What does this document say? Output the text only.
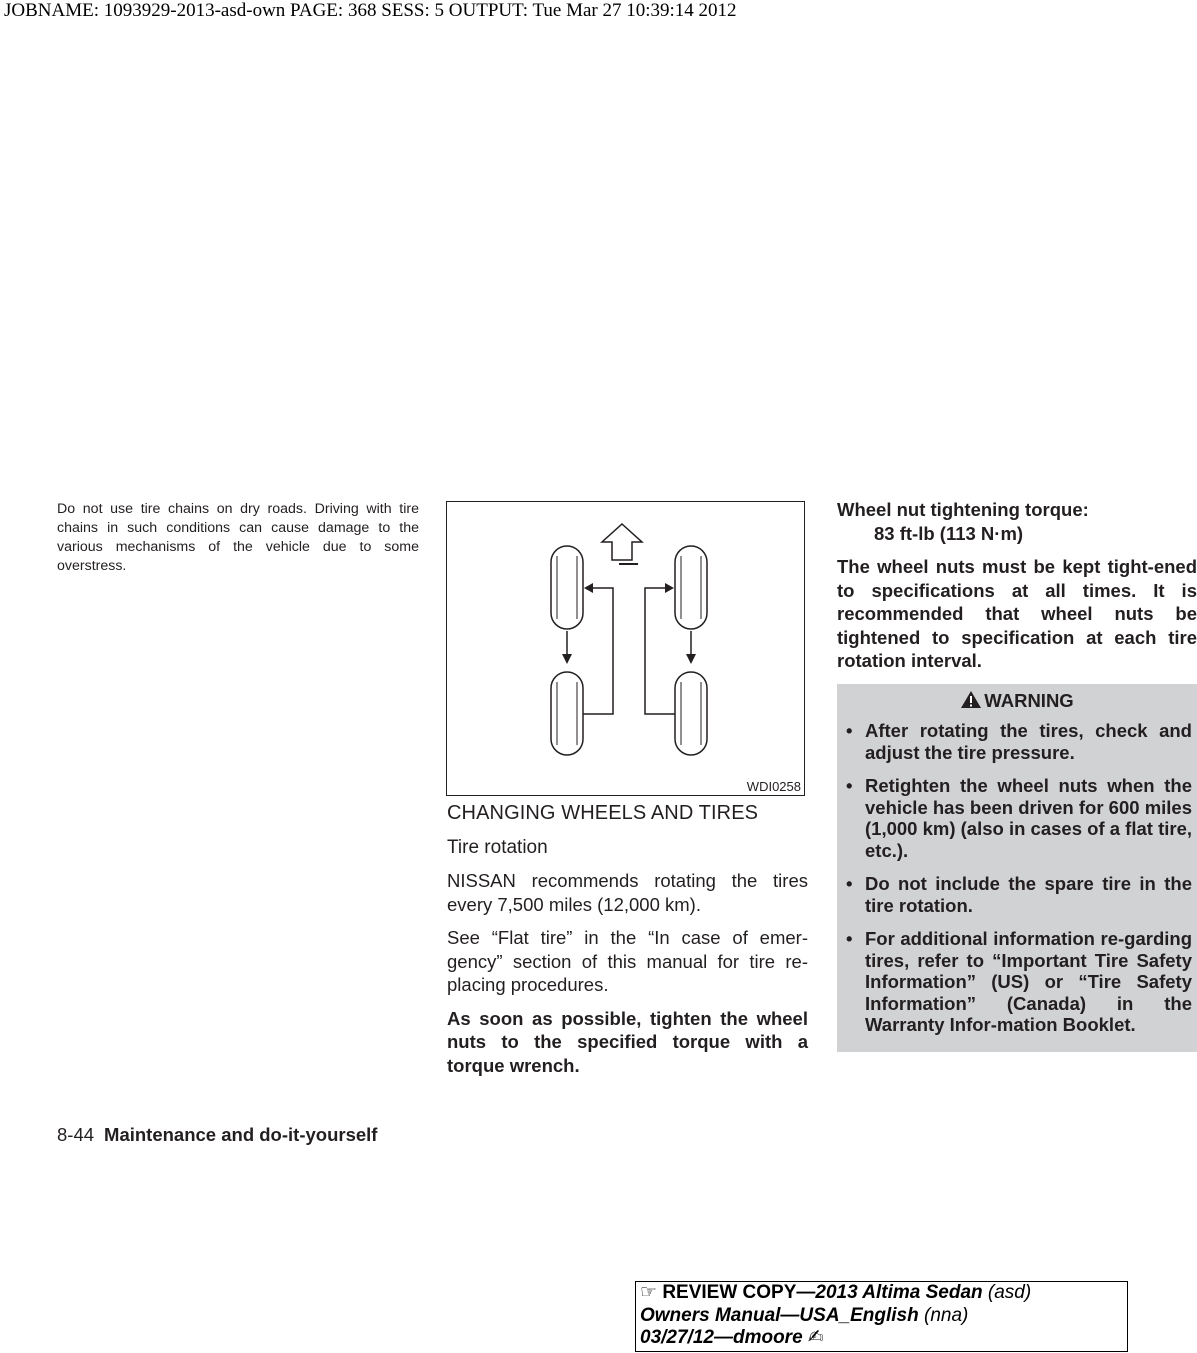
JOBNAME: 1093929-2013-asd-own PAGE: 368 SESS: 5 OUTPUT: Tue Mar 27 10:39:14 2012

Do not use tire chains on dry roads. Driving with tire chains in such conditions can cause damage to the various mechanisms of the vehicle due to some overstress.

WDI0258
CHANGING WHEELS AND TIRES
Tire rotation

NISSAN recommends rotating the tires every 7,500 miles (12,000 km).

See “Flat tire” in the “In case of emer-gency” section of this manual for tire re-placing procedures.

As soon as possible, tighten the wheel nuts to the specified torque with a torque wrench.

Wheel nut tightening torque:
83 ft-lb (113 N·m)

The wheel nuts must be kept tight-ened to specifications at all times. It is recommended that wheel nuts be tightened to specification at each tire rotation interval.

WARNING
• After rotating the tires, check and adjust the tire pressure.
• Retighten the wheel nuts when the vehicle has been driven for 600 miles (1,000 km) (also in cases of a flat tire, etc.).
• Do not include the spare tire in the tire rotation.
• For additional information re-garding tires, refer to “Important Tire Safety Information” (US) or “Tire Safety Information” (Canada) in the Warranty Infor-mation Booklet.
8-44 Maintenance and do-it-yourself
☞ REVIEW COPY—2013 Altima Sedan (asd)
Owners Manual—USA_English (nna)
03/27/12—dmoore ✍
